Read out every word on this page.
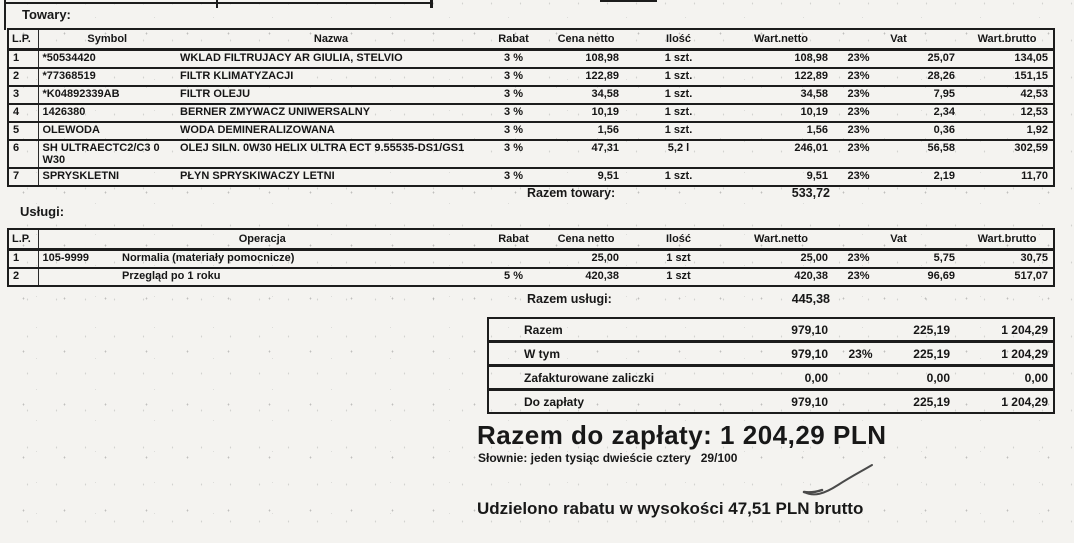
Towary:
L.P.	Symbol	Nazwa	Rabat	Cena netto	Ilość	Wart.netto	Vat		Wart.brutto
1	*50534420	WKLAD FILTRUJACY AR GIULIA, STELVIO	3 %	108,98	1 szt.	108,98	23%	25,07	134,05
2	*77368519	FILTR KLIMATYZACJI	3 %	122,89	1 szt.	122,89	23%	28,26	151,15
3	*K04892339AB	FILTR OLEJU	3 %	34,58	1 szt.	34,58	23%	7,95	42,53
4	1426380	BERNER ZMYWACZ UNIWERSALNY	3 %	10,19	1 szt.	10,19	23%	2,34	12,53
5	OLEWODA	WODA DEMINERALIZOWANA	3 %	1,56	1 szt.	1,56	23%	0,36	1,92
6	SH ULTRAECTC2/C3 0 W30	OLEJ SILN. 0W30 HELIX ULTRA ECT 9.55535-DS1/GS1	3 %	47,31	5,2 l	246,01	23%	56,58	302,59
7	SPRYSKLETNI	PŁYN SPRYSKIWACZY LETNI	3 %	9,51	1 szt.	9,51	23%	2,19	11,70
Razem towary:	533,72
Usługi:
L.P.	Operacja		Rabat	Cena netto	Ilość	Wart.netto	Vat		Wart.brutto
1	105-9999	Normalia (materiały pomocnicze)		25,00	1 szt	25,00	23%	5,75	30,75
2		Przegląd po 1 roku	5 %	420,38	1 szt	420,38	23%	96,69	517,07
Razem usługi:	445,38
Razem	979,10		225,19	1 204,29
W tym	979,10	23%	225,19	1 204,29
Zafakturowane zaliczki	0,00		0,00	0,00
Do zapłaty	979,10		225,19	1 204,29
Razem do zapłaty: 1 204,29 PLN
Słownie: jeden tysiąc dwieście cztery   29/100
Udzielono rabatu w wysokości 47,51 PLN brutto
